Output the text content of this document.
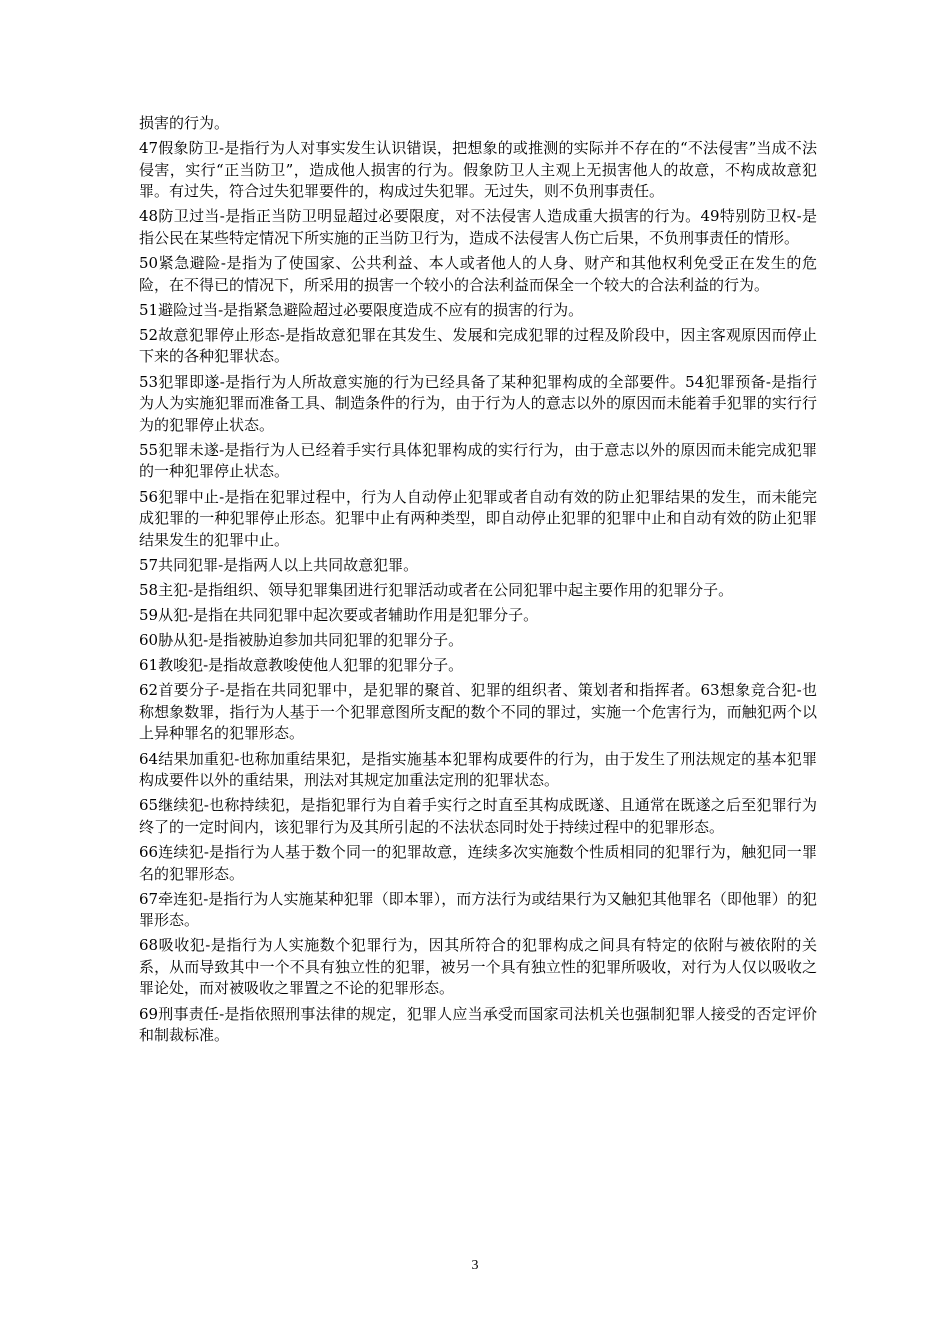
损害的行为。

47假象防卫-是指行为人对事实发生认识错误，把想象的或推测的实际并不存在的“不法侵害”当成不法侵害，实行“正当防卫”，造成他人损害的行为。假象防卫人主观上无损害他人的故意，不构成故意犯罪。有过失，符合过失犯罪要件的，构成过失犯罪。无过失，则不负刑事责任。

48防卫过当-是指正当防卫明显超过必要限度，对不法侵害人造成重大损害的行为。49特别防卫权-是指公民在某些特定情况下所实施的正当防卫行为，造成不法侵害人伤亡后果，不负刑事责任的情形。

50紧急避险-是指为了使国家、公共利益、本人或者他人的人身、财产和其他权利免受正在发生的危险，在不得已的情况下，所采用的损害一个较小的合法利益而保全一个较大的合法利益的行为。

51避险过当-是指紧急避险超过必要限度造成不应有的损害的行为。

52故意犯罪停止形态-是指故意犯罪在其发生、发展和完成犯罪的过程及阶段中，因主客观原因而停止下来的各种犯罪状态。

53犯罪即遂-是指行为人所故意实施的行为已经具备了某种犯罪构成的全部要件。54犯罪预备-是指行为人为实施犯罪而准备工具、制造条件的行为，由于行为人的意志以外的原因而未能着手犯罪的实行行为的犯罪停止状态。

55犯罪未遂-是指行为人已经着手实行具体犯罪构成的实行行为，由于意志以外的原因而未能完成犯罪的一种犯罪停止状态。

56犯罪中止-是指在犯罪过程中，行为人自动停止犯罪或者自动有效的防止犯罪结果的发生，而未能完成犯罪的一种犯罪停止形态。犯罪中止有两种类型，即自动停止犯罪的犯罪中止和自动有效的防止犯罪结果发生的犯罪中止。

57共同犯罪-是指两人以上共同故意犯罪。

58主犯-是指组织、领导犯罪集团进行犯罪活动或者在公同犯罪中起主要作用的犯罪分子。

59从犯-是指在共同犯罪中起次要或者辅助作用是犯罪分子。

60胁从犯-是指被胁迫参加共同犯罪的犯罪分子。

61教唆犯-是指故意教唆使他人犯罪的犯罪分子。

62首要分子-是指在共同犯罪中，是犯罪的聚首、犯罪的组织者、策划者和指挥者。63想象竞合犯-也称想象数罪，指行为人基于一个犯罪意图所支配的数个不同的罪过，实施一个危害行为，而触犯两个以上异种罪名的犯罪形态。

64结果加重犯-也称加重结果犯，是指实施基本犯罪构成要件的行为，由于发生了刑法规定的基本犯罪构成要件以外的重结果，刑法对其规定加重法定刑的犯罪状态。

65继续犯-也称持续犯，是指犯罪行为自着手实行之时直至其构成既遂、且通常在既遂之后至犯罪行为终了的一定时间内，该犯罪行为及其所引起的不法状态同时处于持续过程中的犯罪形态。

66连续犯-是指行为人基于数个同一的犯罪故意，连续多次实施数个性质相同的犯罪行为，触犯同一罪名的犯罪形态。

67牵连犯-是指行为人实施某种犯罪（即本罪），而方法行为或结果行为又触犯其他罪名（即他罪）的犯罪形态。

68吸收犯-是指行为人实施数个犯罪行为，因其所符合的犯罪构成之间具有特定的依附与被依附的关系，从而导致其中一个不具有独立性的犯罪，被另一个具有独立性的犯罪所吸收，对行为人仅以吸收之罪论处，而对被吸收之罪置之不论的犯罪形态。

69刑事责任-是指依照刑事法律的规定，犯罪人应当承受而国家司法机关也强制犯罪人接受的否定评价和制裁标准。

3
